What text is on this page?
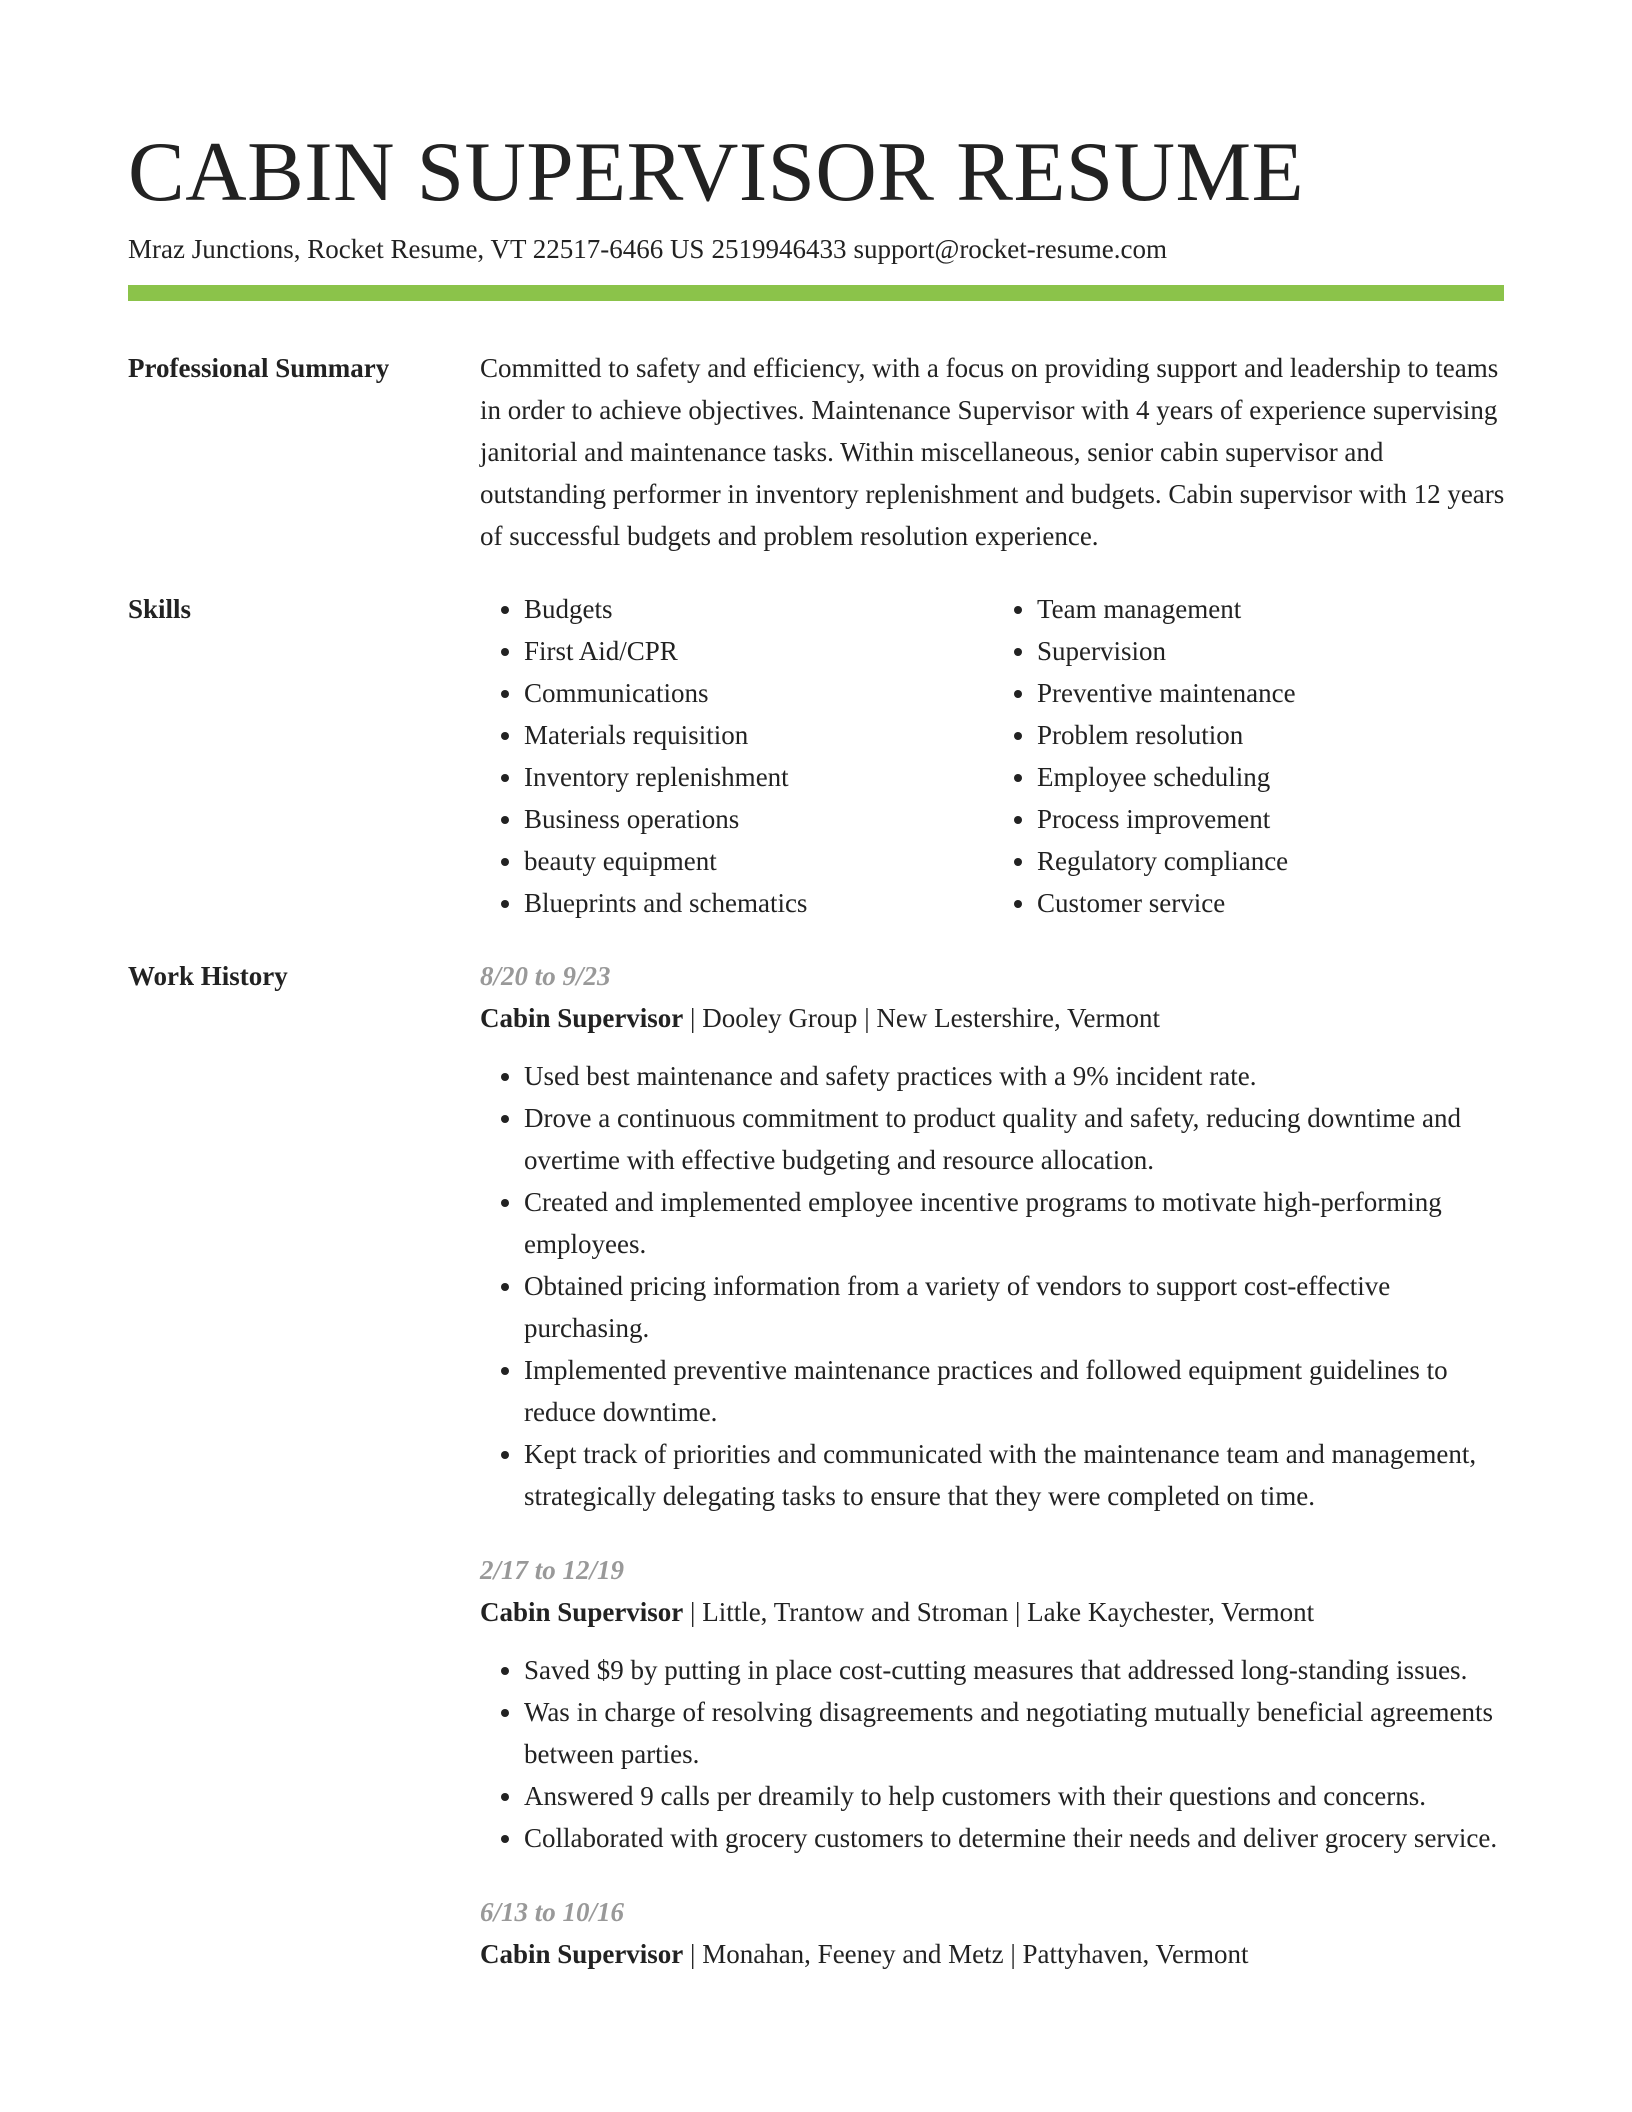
CABIN SUPERVISOR RESUME
Mraz Junctions, Rocket Resume, VT 22517-6466 US 2519946433 support@rocket-resume.com
Professional Summary	Committed to safety and efficiency, with a focus on providing support and leadership to teams in order to achieve objectives. Maintenance Supervisor with 4 years of experience supervising janitorial and maintenance tasks. Within miscellaneous, senior cabin supervisor and outstanding performer in inventory replenishment and budgets. Cabin supervisor with 12 years of successful budgets and problem resolution experience.

Skills
•	Budgets
• First Aid/CPR
• Communications
• Materials requisition
• Inventory replenishment
• Business operations
• beauty equipment
• Blueprints and schematics
• Team management
• Supervision
• Preventive maintenance
• Problem resolution
• Employee scheduling
• Process improvement
• Regulatory compliance
• Customer service
Work History	8/20 to 9/23
Cabin Supervisor | Dooley Group | New Lestershire, Vermont
• Used best maintenance and safety practices with a 9% incident rate.
• Drove a continuous commitment to product quality and safety, reducing downtime and overtime with effective budgeting and resource allocation.
• Created and implemented employee incentive programs to motivate high-performing employees.
• Obtained pricing information from a variety of vendors to support cost-effective purchasing.
• Implemented preventive maintenance practices and followed equipment guidelines to reduce downtime.
• Kept track of priorities and communicated with the maintenance team and management, strategically delegating tasks to ensure that they were completed on time.
2/17 to 12/19
Cabin Supervisor | Little, Trantow and Stroman | Lake Kaychester, Vermont
• Saved $9 by putting in place cost-cutting measures that addressed long-standing issues.
• Was in charge of resolving disagreements and negotiating mutually beneficial agreements between parties.
• Answered 9 calls per dreamily to help customers with their questions and concerns.
• Collaborated with grocery customers to determine their needs and deliver grocery service.
6/13 to 10/16
Cabin Supervisor | Monahan, Feeney and Metz | Pattyhaven, Vermont
